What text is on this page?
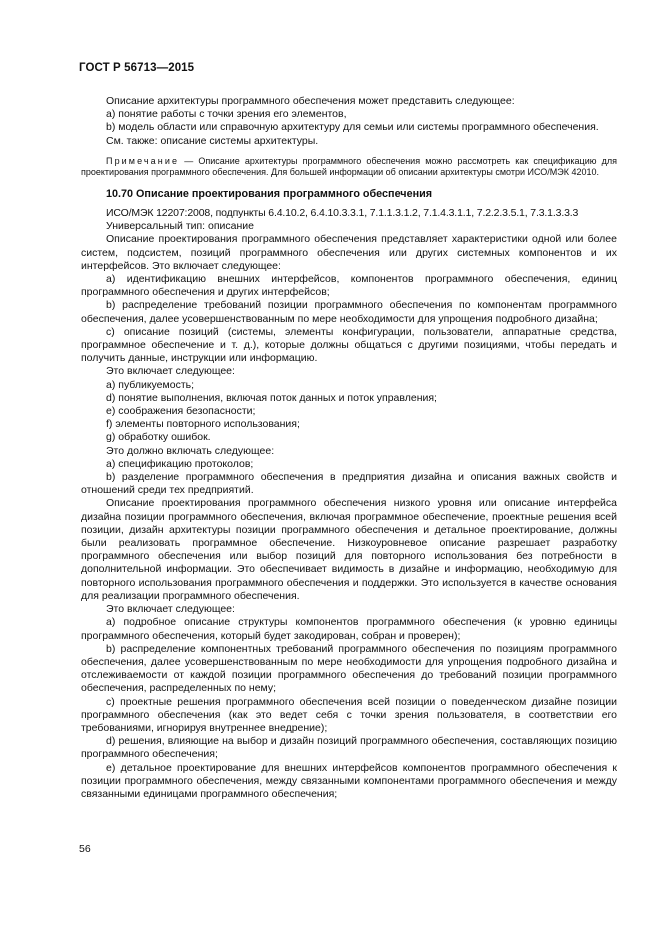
ГОСТ Р 56713—2015

Описание архитектуры программного обеспечения может представить следующее:

a) понятие работы с точки зрения его элементов,

b) модель области или справочную архитектуру для семьи или системы программного обеспечения.

См. также: описание системы архитектуры.

Примечание — Описание архитектуры программного обеспечения можно рассмотреть как спецификацию для проектирования программного обеспечения. Для большей информации об описании архитектуры смотри ИСО/МЭК 42010.

10.70 Описание проектирования программного обеспечения

ИСО/МЭК 12207:2008, подпункты 6.4.10.2, 6.4.10.3.3.1, 7.1.1.3.1.2, 7.1.4.3.1.1, 7.2.2.3.5.1, 7.3.1.3.3.3

Универсальный тип: описание

Описание проектирования программного обеспечения представляет характеристики одной или более систем, подсистем, позиций программного обеспечения или других системных компонентов и их интерфейсов. Это включает следующее:

a) идентификацию внешних интерфейсов, компонентов программного обеспечения, единиц программного обеспечения и других интерфейсов;

b) распределение требований позиции программного обеспечения по компонентам программного обеспечения, далее усовершенствованным по мере необходимости для упрощения подробного дизайна;

c) описание позиций (системы, элементы конфигурации, пользователи, аппаратные средства, программное обеспечение и т. д.), которые должны общаться с другими позициями, чтобы передать и получить данные, инструкции или информацию.

Это включает следующее:

a) публикуемость;

d) понятие выполнения, включая поток данных и поток управления;

e) соображения безопасности;

f) элементы повторного использования;

g) обработку ошибок.

Это должно включать следующее:

a) спецификацию протоколов;

b) разделение программного обеспечения в предприятия дизайна и описания важных свойств и отношений среди тех предприятий.

Описание проектирования программного обеспечения низкого уровня или описание интерфейса дизайна позиции программного обеспечения, включая программное обеспечение, проектные решения всей позиции, дизайн архитектуры позиции программного обеспечения и детальное проектирование, должны были реализовать программное обеспечение. Низкоуровневое описание разрешает разработку программного обеспечения или выбор позиций для повторного использования без потребности в дополнительной информации. Это обеспечивает видимость в дизайне и информацию, необходимую для повторного использования программного обеспечения и поддержки. Это используется в качестве основания для реализации программного обеспечения.

Это включает следующее:

a) подробное описание структуры компонентов программного обеспечения (к уровню единицы программного обеспечения, который будет закодирован, собран и проверен);

b) распределение компонентных требований программного обеспечения по позициям программного обеспечения, далее усовершенствованным по мере необходимости для упрощения подробного дизайна и отслеживаемости от каждой позиции программного обеспечения до требований позиции программного обеспечения, распределенных по нему;

c) проектные решения программного обеспечения всей позиции о поведенческом дизайне позиции программного обеспечения (как это ведет себя с точки зрения пользователя, в соответствии его требованиями, игнорируя внутреннее внедрение);

d) решения, влияющие на выбор и дизайн позиций программного обеспечения, составляющих позицию программного обеспечения;

e) детальное проектирование для внешних интерфейсов компонентов программного обеспечения к позиции программного обеспечения, между связанными компонентами программного обеспечения и между связанными единицами программного обеспечения;

56
